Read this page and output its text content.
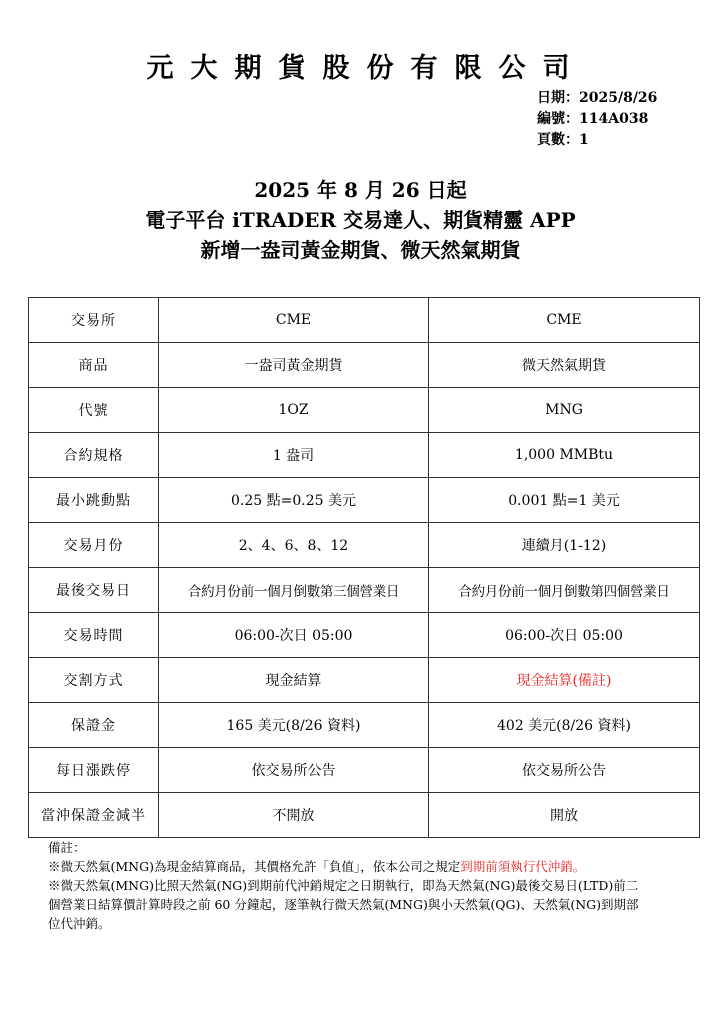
元大期貨股份有限公司
日期：2025/8/26
編號：114A038
頁數：1
2025 年 8 月 26 日起
電子平台 iTRADER 交易達人、期貨精靈 APP
新增一盎司黃金期貨、微天然氣期貨
交易所	CME	CME
商品	一盎司黃金期貨	微天然氣期貨
代號	1OZ	MNG
合約規格	1 盎司	1,000 MMBtu
最小跳動點	0.25 點=0.25 美元	0.001 點=1 美元
交易月份	2、4、6、8、12	連續月(1-12)
最後交易日	合約月份前一個月倒數第三個營業日	合約月份前一個月倒數第四個營業日
交易時間	06:00-次日 05:00	06:00-次日 05:00
交割方式	現金結算	現金結算(備註)
保證金	165 美元(8/26 資料)	402 美元(8/26 資料)
每日漲跌停	依交易所公告	依交易所公告
當沖保證金減半	不開放	開放

備註：

※微天然氣(MNG)為現金結算商品，其價格允許「負值」，依本公司之規定到期前須執行代沖銷。

※微天然氣(MNG)比照天然氣(NG)到期前代沖銷規定之日期執行，即為天然氣(NG)最後交易日(LTD)前二個營業日結算價計算時段之前 60 分鐘起，逐筆執行微天然氣(MNG)與小天然氣(QG)、天然氣(NG)到期部位代沖銷。
